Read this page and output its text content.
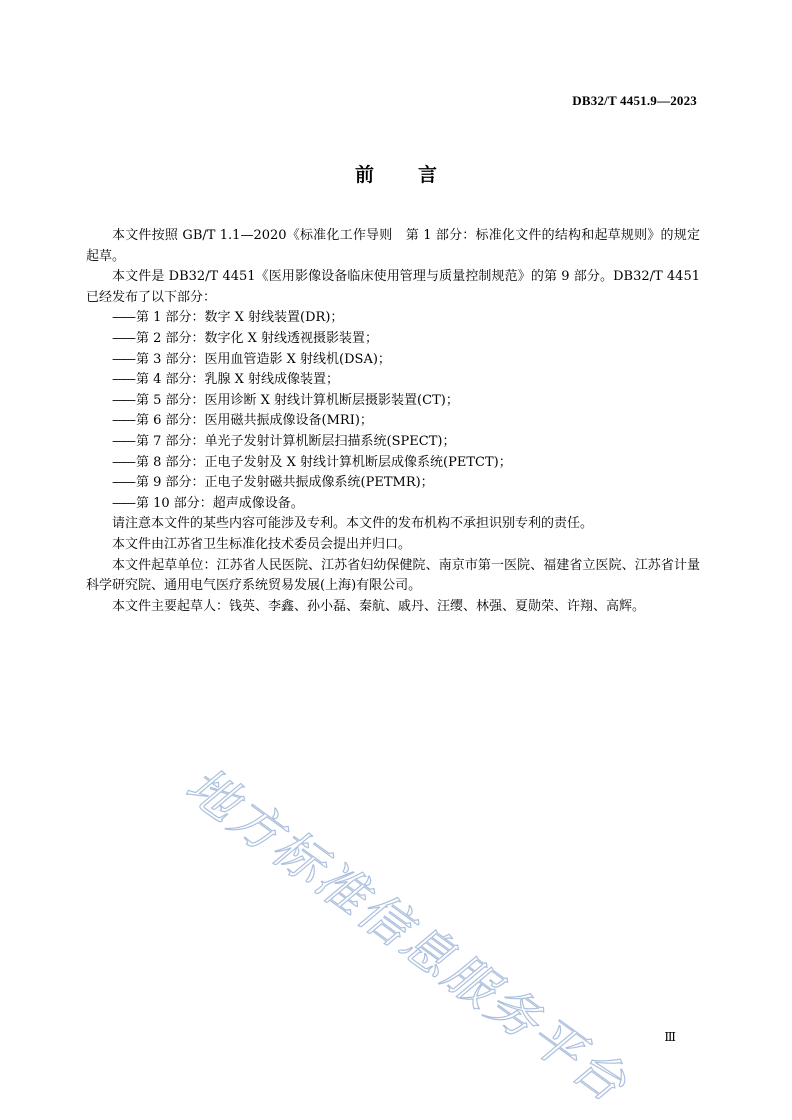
DB32/T 4451.9—2023
前 言
本文件按照 GB/T 1.1—2020《标准化工作导则　第 1 部分：标准化文件的结构和起草规则》的规定起草。
本文件是 DB32/T 4451《医用影像设备临床使用管理与质量控制规范》的第 9 部分。DB32/T 4451 已经发布了以下部分：
—— 第 1 部分：数字 X 射线装置(DR)；
—— 第 2 部分：数字化 X 射线透视摄影装置；
—— 第 3 部分：医用血管造影 X 射线机(DSA)；
—— 第 4 部分：乳腺 X 射线成像装置；
—— 第 5 部分：医用诊断 X 射线计算机断层摄影装置(CT)；
—— 第 6 部分：医用磁共振成像设备(MRI)；
—— 第 7 部分：单光子发射计算机断层扫描系统(SPECT)；
—— 第 8 部分：正电子发射及 X 射线计算机断层成像系统(PETCT)；
—— 第 9 部分：正电子发射磁共振成像系统(PETMR)；
—— 第 10 部分：超声成像设备。
请注意本文件的某些内容可能涉及专利。本文件的发布机构不承担识别专利的责任。
本文件由江苏省卫生标准化技术委员会提出并归口。
本文件起草单位：江苏省人民医院、江苏省妇幼保健院、南京市第一医院、福建省立医院、江苏省计量科学研究院、通用电气医疗系统贸易发展(上海)有限公司。
本文件主要起草人：钱英、李鑫、孙小磊、秦航、戚丹、汪缨、林强、夏勋荣、许翔、高辉。
地方标准信息服务平台	Ⅲ
